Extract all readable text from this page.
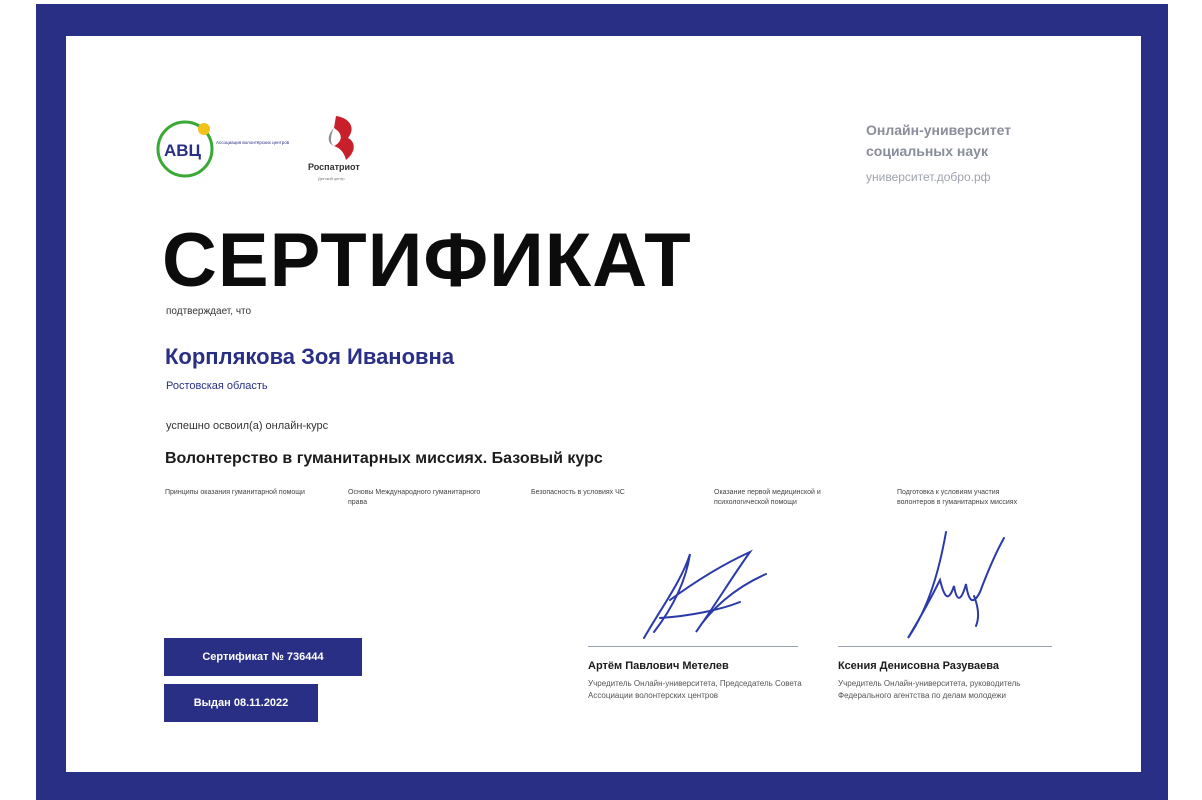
АВЦ	Ассоциация волонтёрских центров
Роспатриот
Детский центр
Онлайн-университет
социальных наук
университет.добро.рф
СЕРТИФИКАТ
подтверждает, что
Корплякова Зоя Ивановна
Ростовская область
успешно освоил(а) онлайн-курс
Волонтерство в гуманитарных миссиях. Базовый курс
Принципы оказания гуманитарной помощи	Основы Международного гуманитарного права
Безопасность в условиях ЧС	Оказание первой медицинской и психологической помощи
Подготовка к условиям участия волонтеров в гуманитарных миссиях
Сертификат № 736444
Выдан 08.11.2022
Артём Павлович Метелев
Учредитель Онлайн-университета, Председатель Совета Ассоциации волонтерских центров
Ксения Денисовна Разуваева
Учредитель Онлайн-университета, руководитель Федерального агентства по делам молодежи
